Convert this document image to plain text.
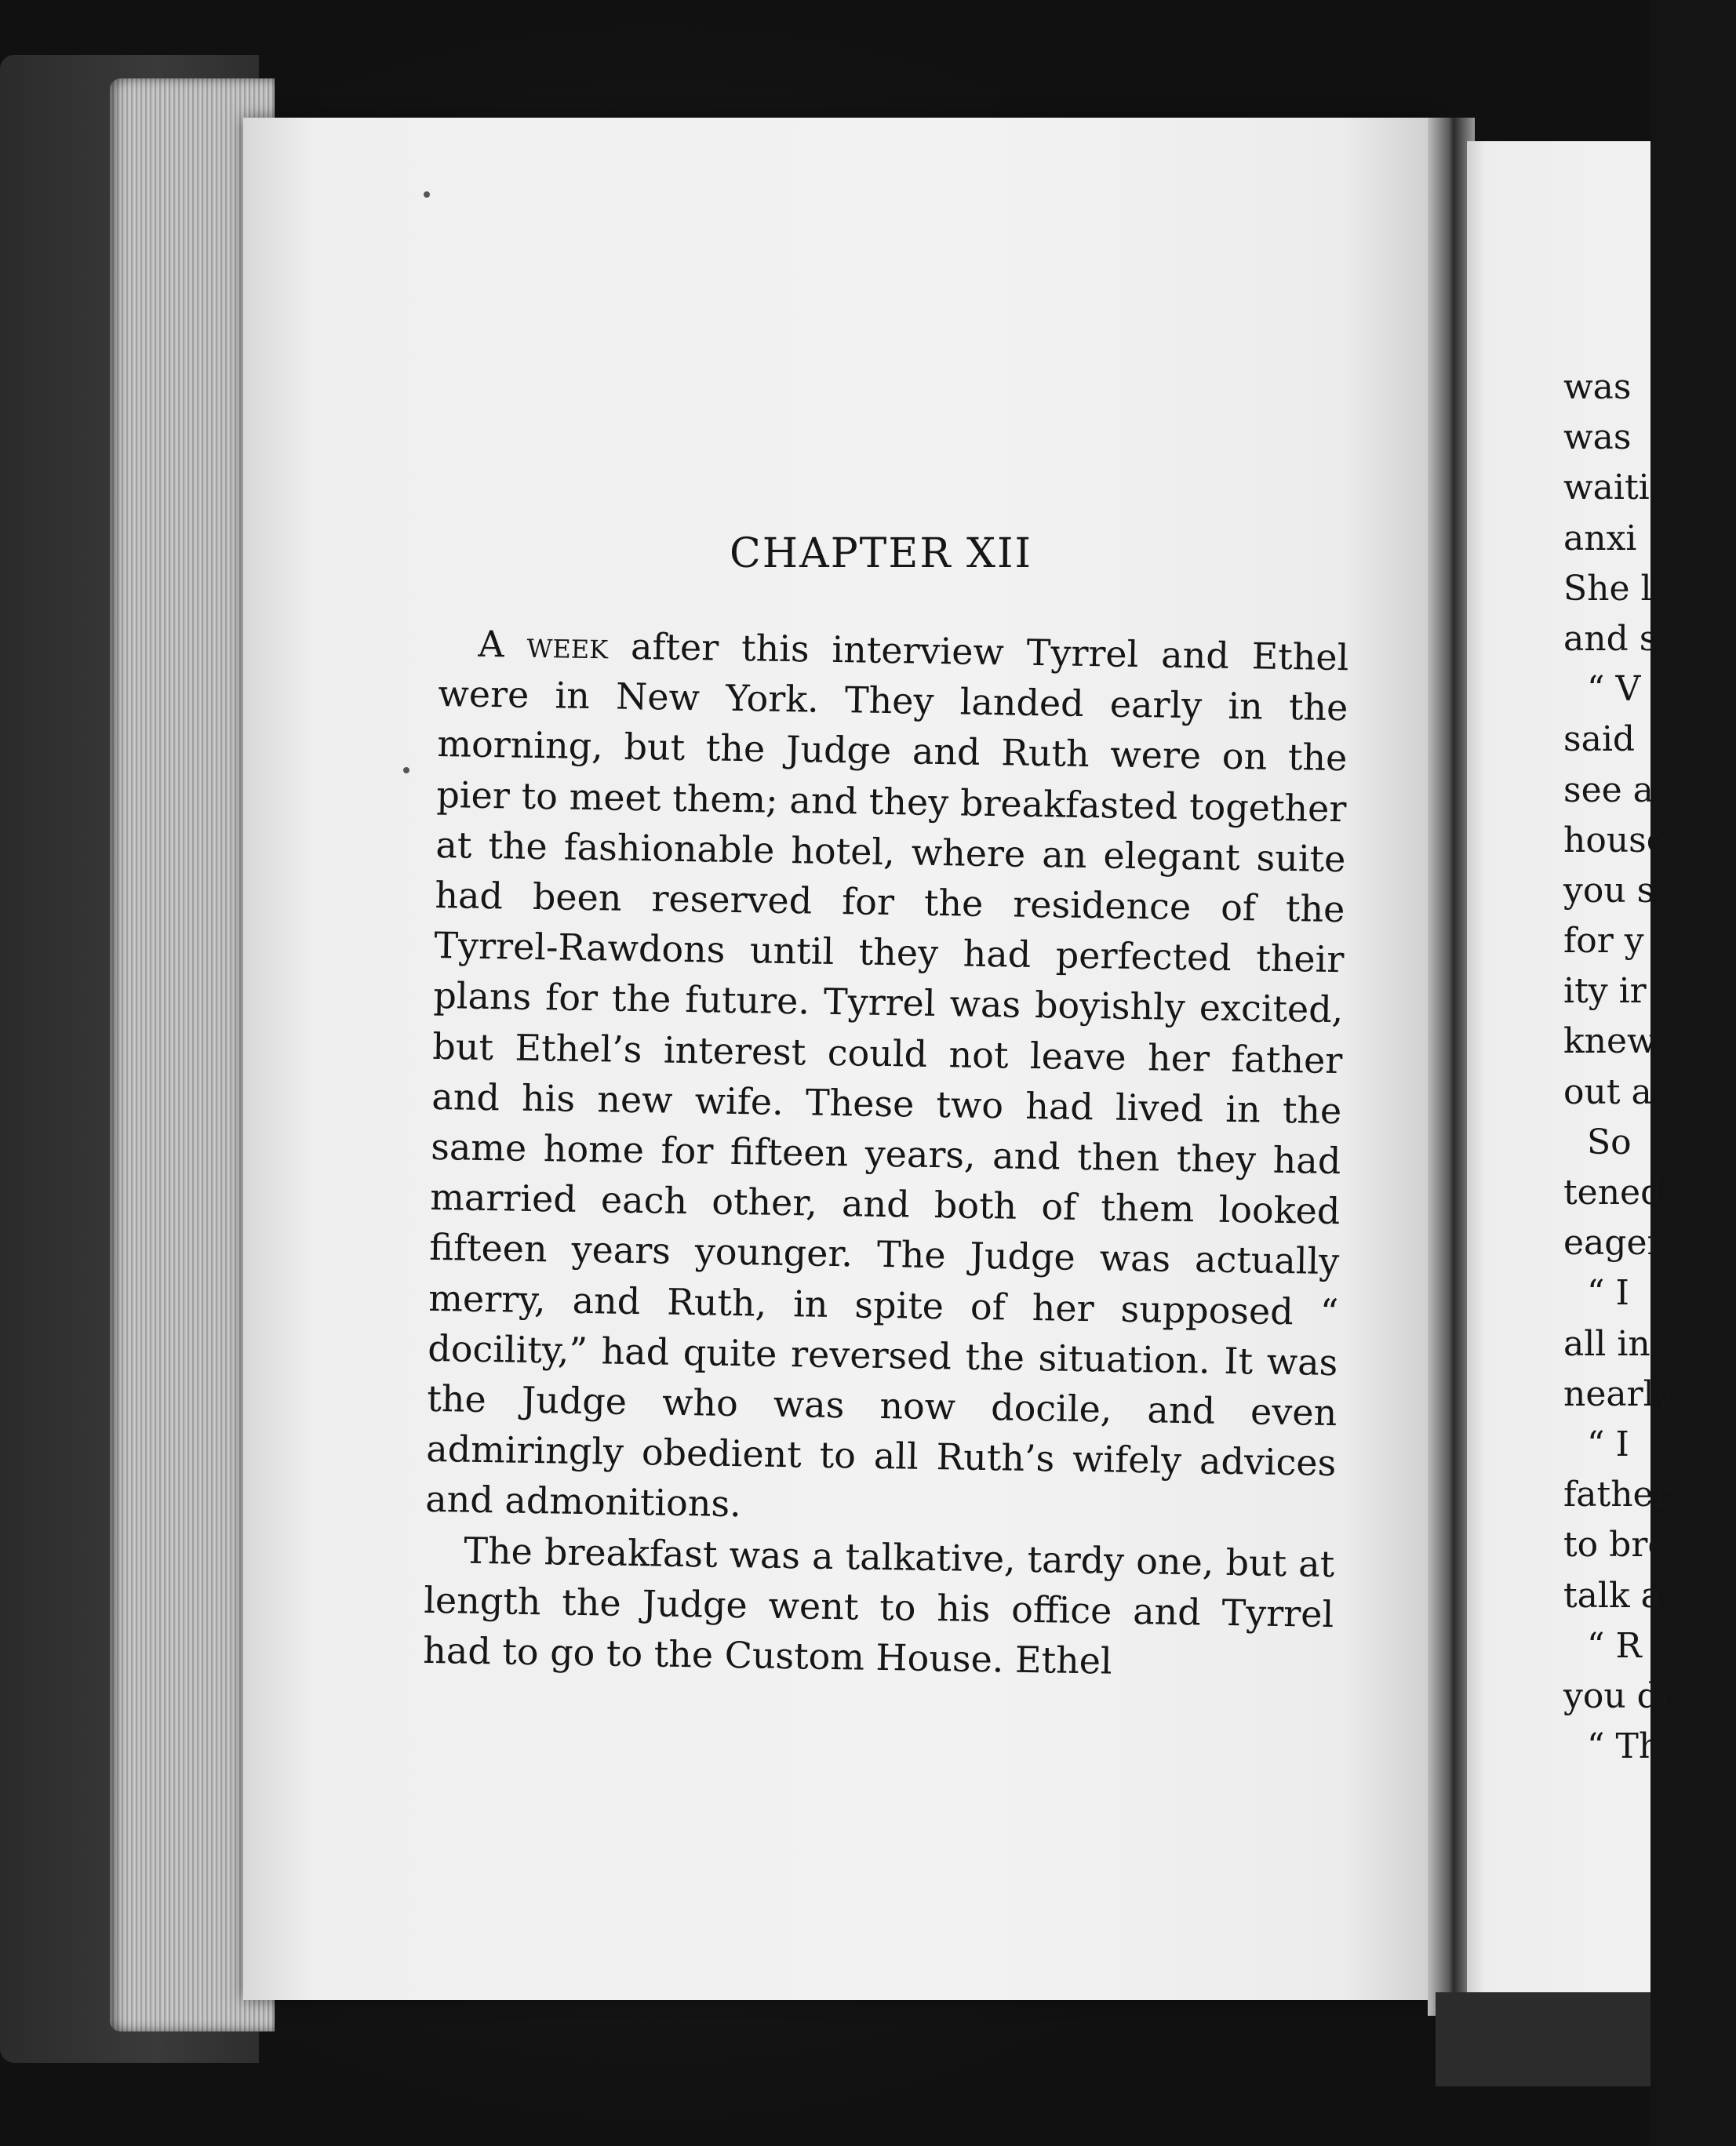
CHAPTER XII

A week after this interview Tyrrel and Ethel were in New York. They landed early in the morning, but the Judge and Ruth were on the pier to meet them; and they breakfasted together at the fashionable hotel, where an elegant suite had been reserved for the residence of the Tyrrel-Rawdons until they had perfected their plans for the future. Tyrrel was boyishly excited, but Ethel’s interest could not leave her father and his new wife. These two had lived in the same home for fifteen years, and then they had married each other, and both of them looked fifteen years younger. The Judge was actually merry, and Ruth, in spite of her supposed “ docility,” had quite reversed the situation. It was the Judge who was now docile, and even admiringly obedient to all Ruth’s wifely advices and admonitions.

The breakfast was a talkative, tardy one, but at length the Judge went to his office and Tyrrel had to go to the Custom House. Ethel

was
was
waiti
anxi
She l
and s
“ V
said
see a
house
you s
for y
ity ir
knew
out a
So
tened
eager
“ I
all in
nearly
“ I
father
to bre
talk a
“ R
you dr
“ Th
